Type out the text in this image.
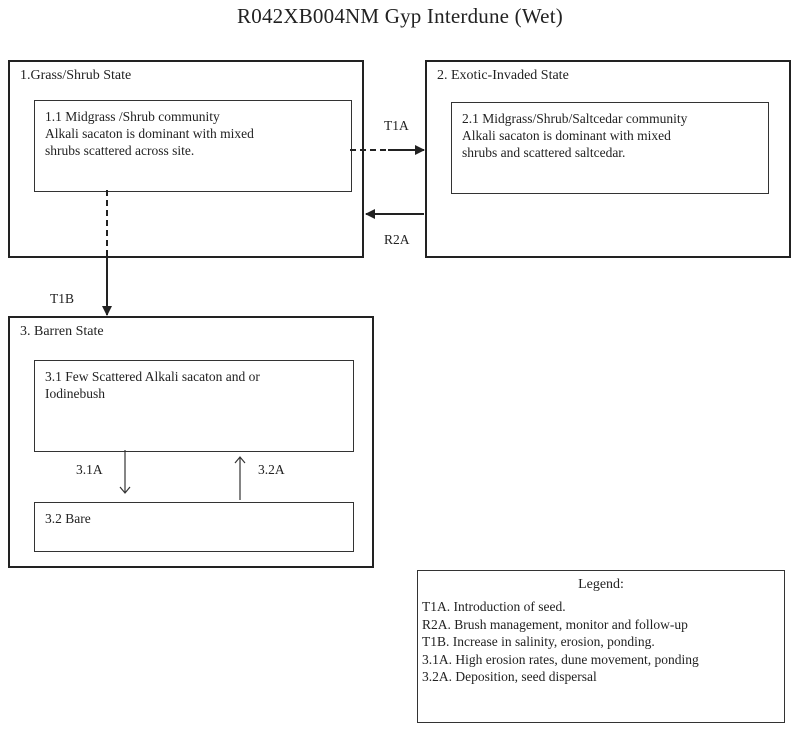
R042XB004NM Gyp Interdune (Wet)
1.Grass/Shrub State
1.1 Midgrass /Shrub community
Alkali sacaton is dominant with mixed
shrubs scattered across site.
2. Exotic-Invaded State
2.1 Midgrass/Shrub/Saltcedar community
Alkali sacaton is dominant with mixed
shrubs and scattered saltcedar.
3. Barren State
3.1 Few Scattered Alkali sacaton and or
Iodinebush
3.2 Bare
T1A
R2A
T1B
3.1A	3.2A
Legend:
T1A. Introduction of seed.
R2A. Brush management, monitor and follow-up
T1B. Increase in salinity, erosion, ponding.
3.1A. High erosion rates, dune movement, ponding
3.2A. Deposition, seed dispersal
